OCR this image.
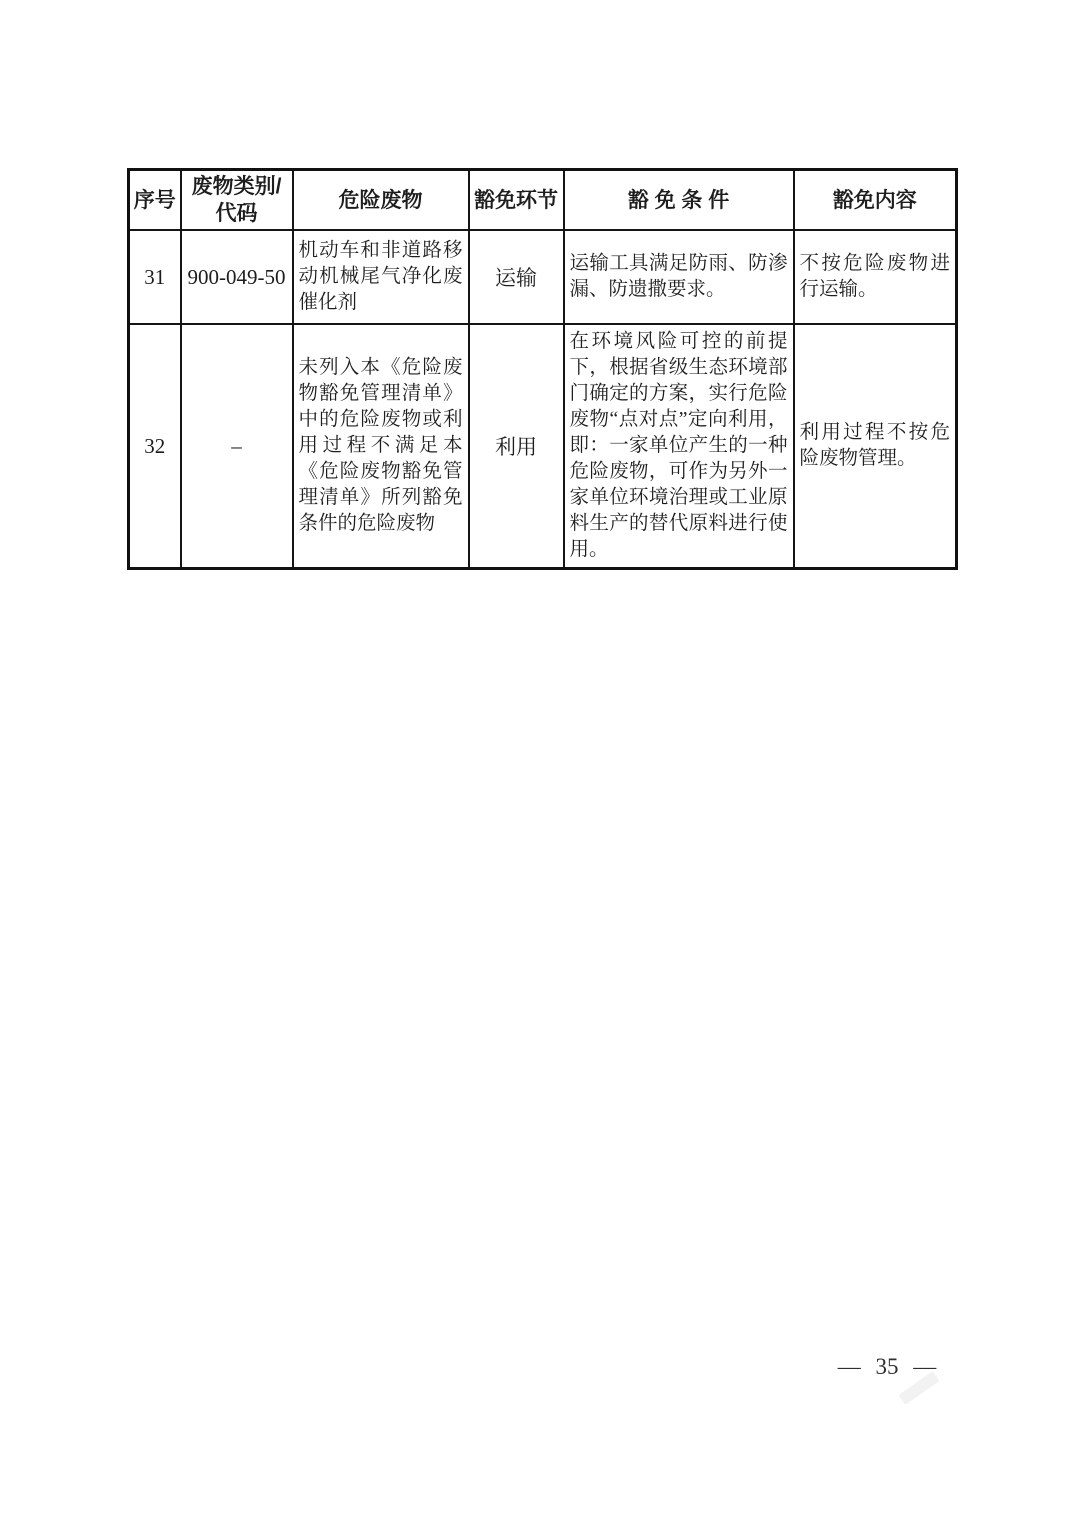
序号	废物类别/代码	危险废物	豁免环节	豁 免 条 件	豁免内容
31	900-049-50	机动车和非道路移动机械尾气净化废催化剂	运输	运输工具满足防雨、防渗漏、防遗撒要求。	不按危险废物进行运输。
32	–	未列入本《危险废物豁免管理清单》中的危险废物或利用过程不满足本《危险废物豁免管理清单》所列豁免条件的危险废物	利用	在环境风险可控的前提下，根据省级生态环境部门确定的方案，实行危险废物“点对点”定向利用，即：一家单位产生的一种危险废物，可作为另外一家单位环境治理或工业原料生产的替代原料进行使用。	利用过程不按危险废物管理。
— 35 —
